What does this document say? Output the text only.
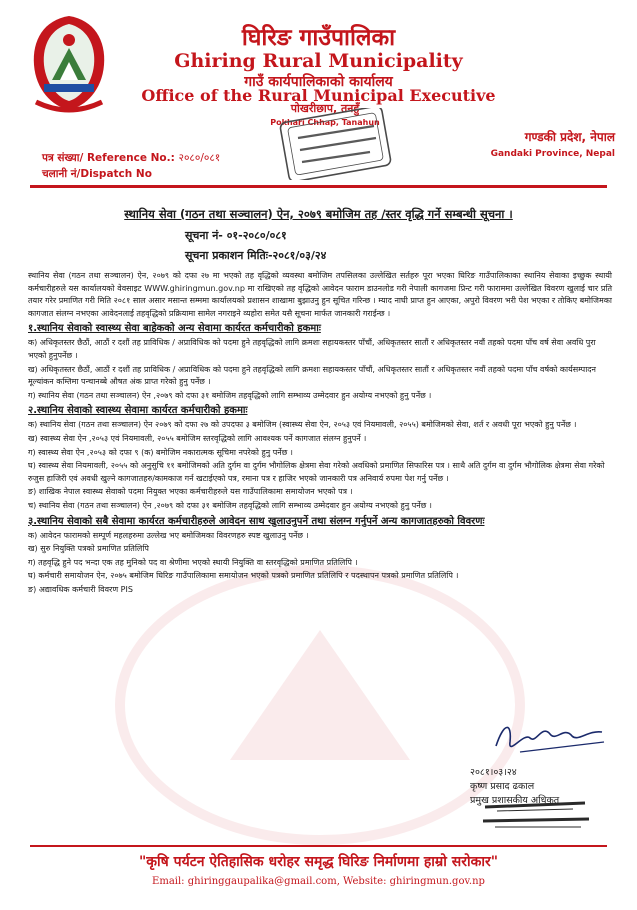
घिरिङ गाउँपालिका
Ghiring Rural Municipality
गाउँ कार्यपालिकाको कार्यालय
Office of the Rural Municipal Executive
पोखरीछाप, तनहुँ
Pokhari Chhap, Tanahun
गण्डकी प्रदेश, नेपाल
Gandaki Province, Nepal
पत्र संख्या/ Reference No.: २०८०/०८१
चलानी नं/Dispatch No
स्थानिय सेवा (गठन तथा सञ्चालन) ऐन, २०७९ बमोजिम तह /स्तर वृद्धि गर्ने सम्बन्धी सूचना ।
सूचना नं- ०१-२०८०/०८१
सूचना प्रकाशन मितिः-२०८१/०३/२४

स्थानिय सेवा (गठन तथा सञ्चालन) ऐन, २०७९ को दफा २७ मा भएको तह वृद्धिको व्यवस्था बमोजिम तपसिलका उल्लेखित सर्तहरु पूरा भएका घिरिङ गाउँपालिकाका स्थानिय सेवाका इच्छुक स्थायी कर्मचारीहरुले यस कार्यालयको वेवसाइट WWW.ghiringmun.gov.np मा राखिएको तह वृद्धिको आवेदन फाराम डाउनलोड गरी नेपाली कागजमा प्रिन्ट गरी फाराममा उल्लेखित विवरण खुलाई चार प्रति तयार गरेर प्रमाणित गरी मिति २०८१ साल असार मसान्त सम्ममा कार्यालयको प्रशासन शाखामा बुझाउनु हुन सूचित गरिन्छ । म्याद नाघी प्राप्त हुन आएका, अपुरो विवरण भरी पेश भएका र तोकिए बमोजिमका कागजात संलग्न नभएका आवेदनलाई तहवृद्धिको प्रक्रियामा सामेल नगराइने व्यहोरा समेत यसै सूचना मार्फत जानकारी गराईन्छ ।

१.स्थानिय सेवाको स्वास्थ्य सेवा बाहेकको अन्य सेवामा कार्यरत कर्मचारीको हकमाः
क) अधिकृतस्तर छैठौं, आठौं र दशौं तह प्राविधिक / अप्राविधिक को पदमा हुने तहवृद्धिको लागि क्रमशः सहायकस्तर पाँचौं, अधिकृतस्तर सातौं र अधिकृतस्तर नवौं तहको पदमा पाँच वर्ष सेवा अवधि पुरा भएको हुनुपर्नेछ ।
ख) अधिकृतस्तर छैठौं, आठौं र दशौं तह प्राविधिक / अप्राविधिक को पदमा हुने तहवृद्धिको लागि क्रमशः सहायकस्तर पाँचौं, अधिकृतस्तर सातौं र अधिकृतस्तर नवौं तहको पदमा पाँच वर्षको कार्यसम्पादन मूल्यांकन कम्तिमा पन्चानब्बे औषत अंक प्राप्त गरेको हुनु पर्नेछ ।
ग) स्थानिय सेवा (गठन तथा सञ्चालन) ऐन ,२०७९ को दफा ३१ बमोजिम तहवृद्धिको लागि सम्भाव्य उम्मेदवार हुन अयोग्य नभएको हुनु पर्नेछ ।
२.स्थानिय सेवाको स्वास्थ्य सेवामा कार्यरत कर्मचारीको हकमाः
क) स्थानिय सेवा (गठन तथा सञ्चालन) ऐन २०७९ को दफा २७ को उपदफा ३ बमोजिम (स्वास्थ्य सेवा ऐन, २०५३ एवं नियमावली, २०५५) बमोजिमको सेवा, शर्त र अवधी पूरा भएको हुनु पर्नेछ ।
ख) स्वास्थ्य सेवा ऐन ,२०५३ एवं नियमावली, २०५५ बमोजिम स्तरवृद्धिको लागि आवश्यक पर्ने कागजात संलग्न हुनुपर्ने ।
ग) स्वास्थ्य सेवा ऐन ,२०५३ को दफा ९ (क) बमोजिम नकारात्मक सूचिमा नपरेको हुनु पर्नेछ ।
घ) स्वास्थ्य सेवा नियमावली, २०५५ को अनुसुचि ११ बमोजिमको अति दुर्गम वा दुर्गम भौगोलिक क्षेत्रमा सेवा गरेको अवधिको प्रमाणित सिफारिस पत्र । साथै अति दुर्गम वा दुर्गम भौगोलिक क्षेत्रमा सेवा गरेको रुजुस हाजिरी एवं अवधी खुल्ने कागजातहरु/कामकाज गर्न खटाईएको पत्र, रमाना पत्र र हाजिर भएको जानकारी पत्र अनिवार्य रुपमा पेश गर्नु पर्नेछ ।
ङ) शाखिक नेपाल स्वास्थ्य सेवाको पदमा नियुक्त भएका कर्मचारीहरुले यस गाउँपालिकामा समायोजन भएको पत्र ।
च) स्थानिय सेवा (गठन तथा सञ्चालन) ऐन ,२०७९ को दफा ३१ बमोजिम तहवृद्धिको लागि सम्भाव्य उम्मेदवार हुन अयोग्य नभएको हुनु पर्नेछ ।
३.स्थानिय सेवाको सबै सेवामा कार्यरत कर्मचारीहरुले आवेदन साथ खुलाउनुपर्ने तथा संलग्न गर्नुपर्ने अन्य कागजातहरुको विवरणः
क) आवेदन फारामको सम्पूर्ण महलहरुमा उल्लेख भए बमोजिमका विवरणहरु स्पष्ट खुलाउनु पर्नेछ ।
ख) सुरु नियुक्ति पत्रको प्रमाणित प्रतिलिपि
ग) तहवृद्धि हुने पद भन्दा एक तह मुनिको पद वा श्रेणीमा भएको स्थायी नियुक्ति वा स्तरवृद्धिको प्रमाणित प्रतिलिपि ।
घ) कर्मचारी समायोजन ऐन, २०७५ बमोजिम घिरिङ गाउँपालिकामा समायोजन भएको पत्रको प्रमाणित प्रतिलिपि र पदस्थापन पत्रको प्रमाणित प्रतिलिपि ।
ङ) अद्यावधिक कर्मचारी विवरण PIS
२०८१।०३।२४
कृष्ण प्रसाद ढकाल
प्रमुख प्रशासकीय अधिकृत
"कृषि पर्यटन ऐतिहासिक धरोहर समृद्ध घिरिङ निर्माणमा हाम्रो सरोकार"
Email: ghiringgaupalika@gmail.com, Website: ghiringmun.gov.np
